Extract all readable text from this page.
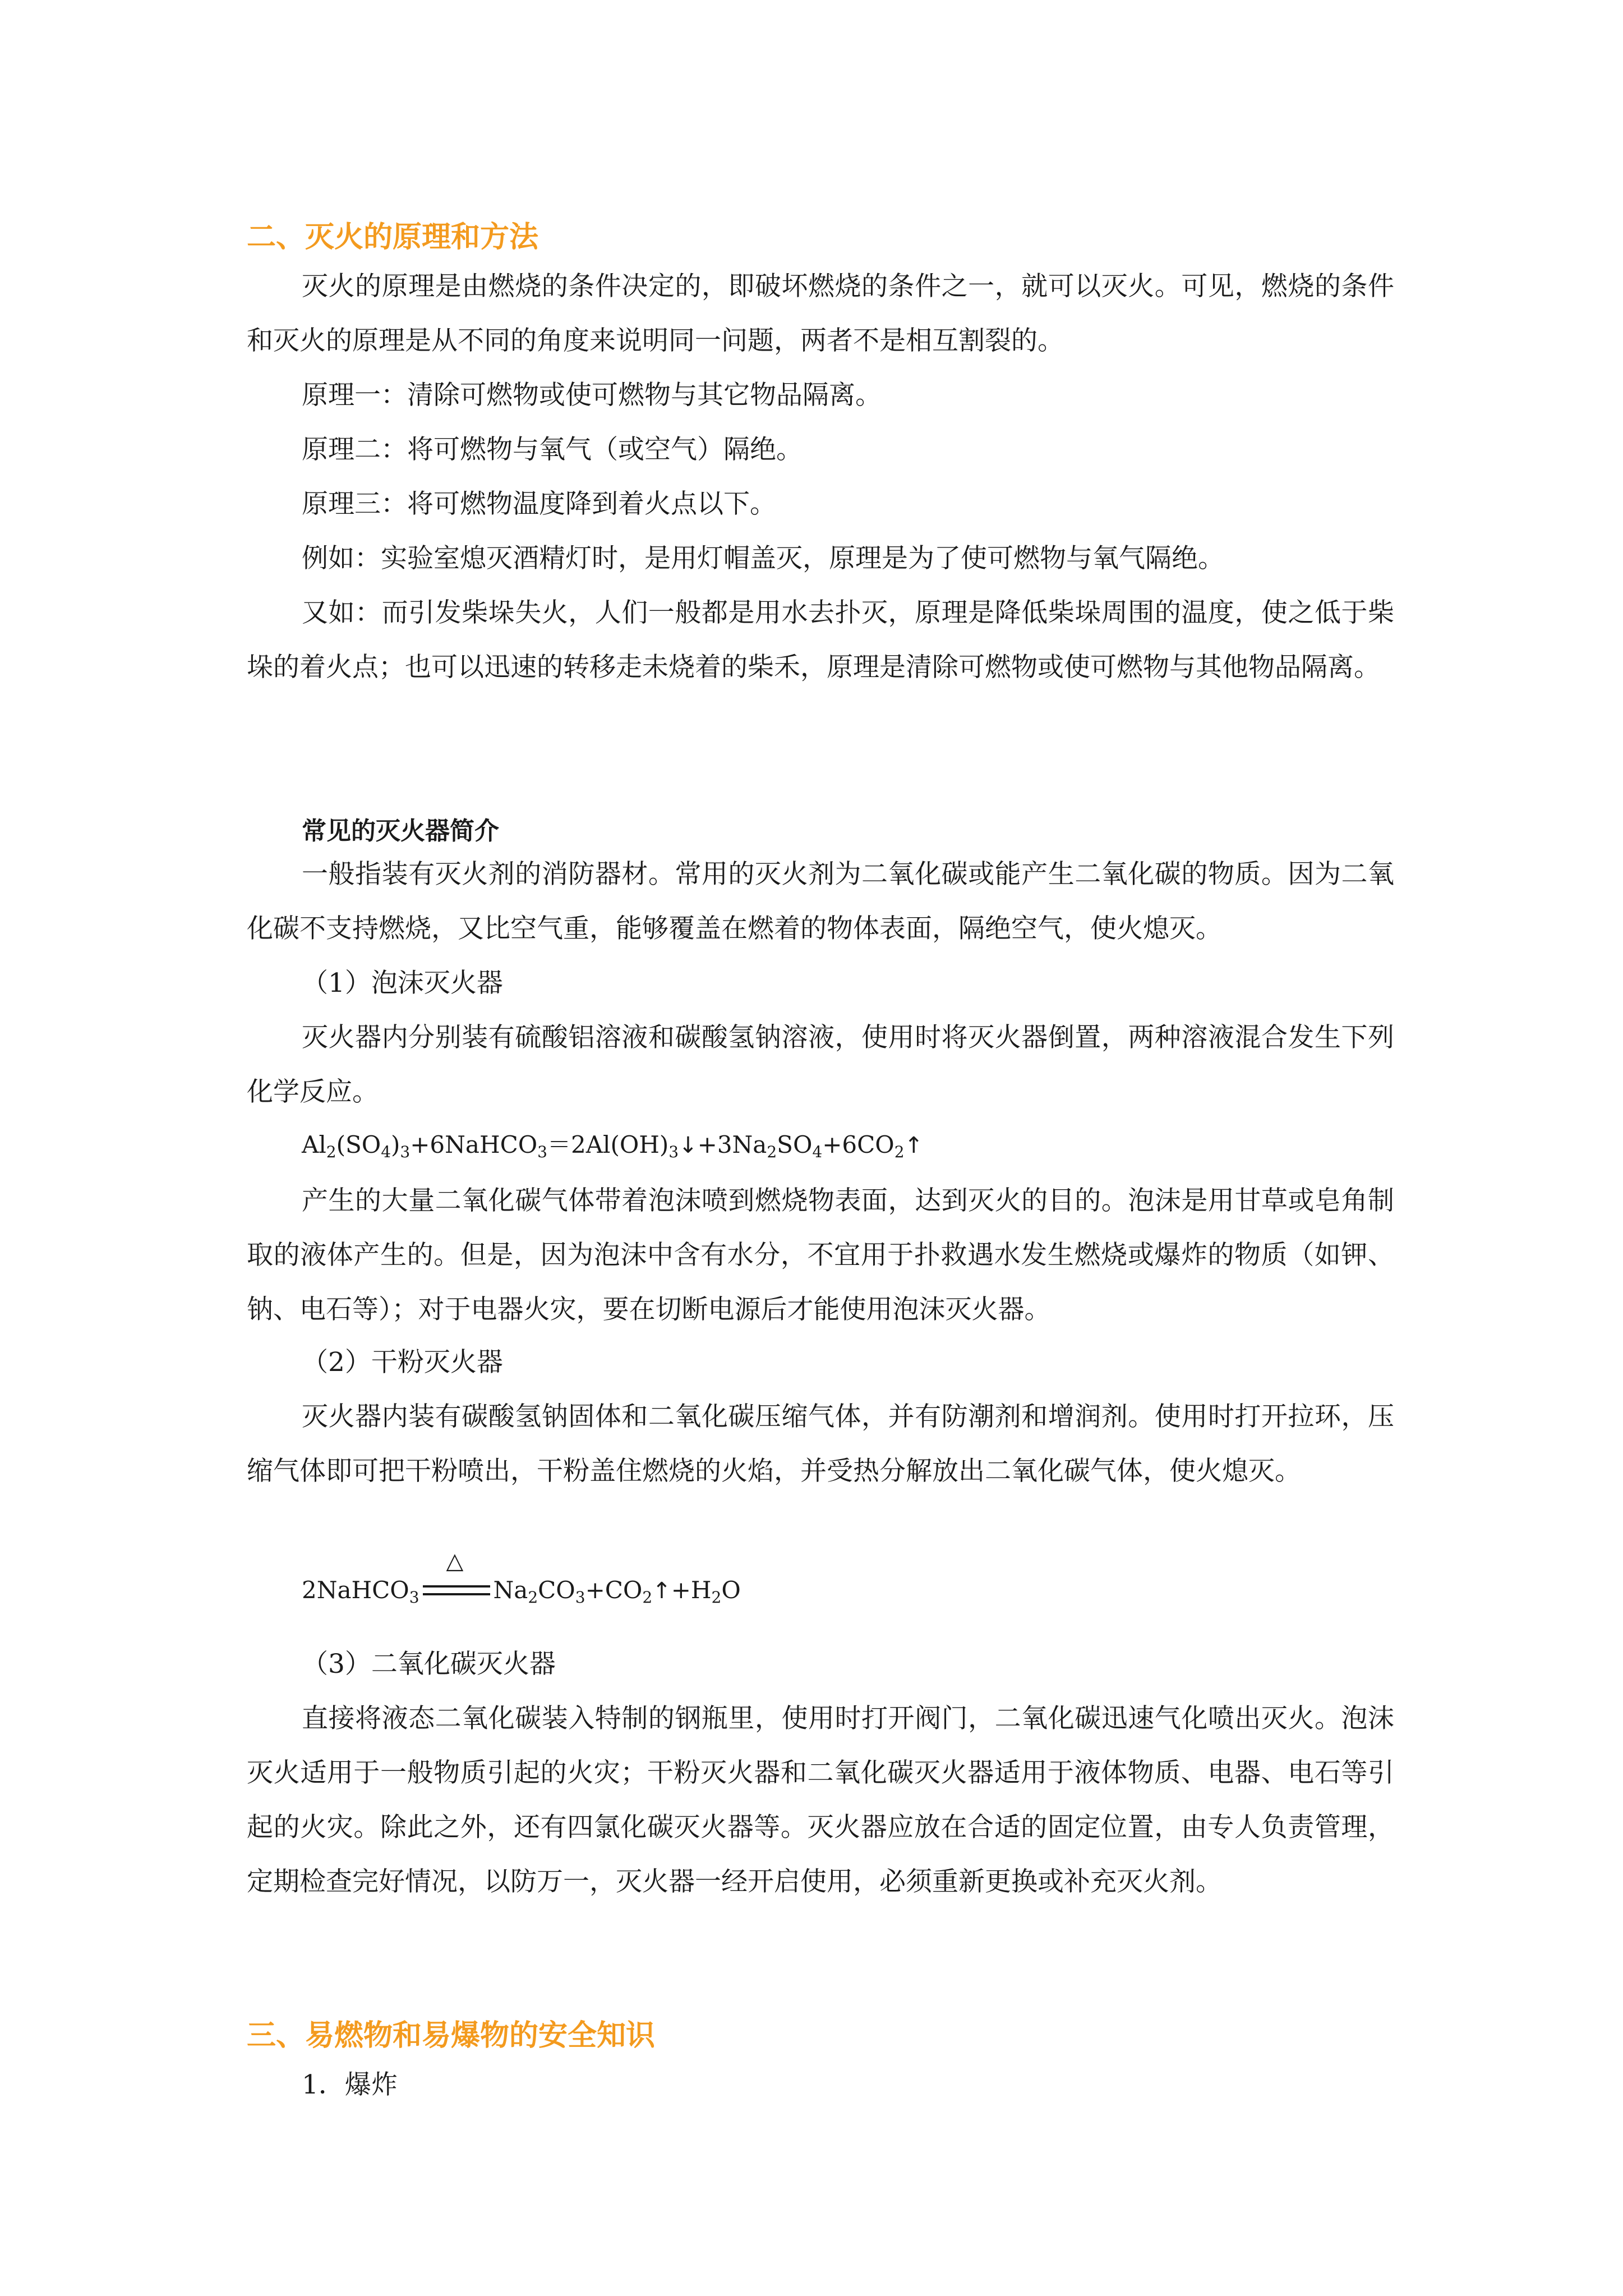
二、灭火的原理和方法

灭火的原理是由燃烧的条件决定的，即破坏燃烧的条件之一，就可以灭火。可见，燃烧的条件和灭火的原理是从不同的角度来说明同一问题，两者不是相互割裂的。

原理一：清除可燃物或使可燃物与其它物品隔离。

原理二：将可燃物与氧气（或空气）隔绝。

原理三：将可燃物温度降到着火点以下。

例如：实验室熄灭酒精灯时，是用灯帽盖灭，原理是为了使可燃物与氧气隔绝。

又如：而引发柴垛失火，人们一般都是用水去扑灭，原理是降低柴垛周围的温度，使之低于柴垛的着火点；也可以迅速的转移走未烧着的柴禾，原理是清除可燃物或使可燃物与其他物品隔离。

常见的灭火器简介

一般指装有灭火剂的消防器材。常用的灭火剂为二氧化碳或能产生二氧化碳的物质。因为二氧化碳不支持燃烧，又比空气重，能够覆盖在燃着的物体表面，隔绝空气，使火熄灭。

（1）泡沫灭火器

灭火器内分别装有硫酸铝溶液和碳酸氢钠溶液，使用时将灭火器倒置，两种溶液混合发生下列化学反应。

$Al_2(SO_4)_3+6NaHCO_3=2Al(OH)_3↓+3Na_2SO_4+6CO_2↑$

产生的大量二氧化碳气体带着泡沫喷到燃烧物表面，达到灭火的目的。泡沫是用甘草或皂角制取的液体产生的。但是，因为泡沫中含有水分，不宜用于扑救遇水发生燃烧或爆炸的物质（如钾、钠、电石等）；对于电器火灾，要在切断电源后才能使用泡沫灭火器。

（2）干粉灭火器

灭火器内装有碳酸氢钠固体和二氧化碳压缩气体，并有防潮剂和增润剂。使用时打开拉环，压缩气体即可把干粉喷出，干粉盖住燃烧的火焰，并受热分解放出二氧化碳气体，使火熄灭。

2NaHCO$_3$
△
$Na_2CO_3+CO_2↑+H_2O$

（3）二氧化碳灭火器

直接将液态二氧化碳装入特制的钢瓶里，使用时打开阀门，二氧化碳迅速气化喷出灭火。泡沫灭火适用于一般物质引起的火灾；干粉灭火器和二氧化碳灭火器适用于液体物质、电器、电石等引起的火灾。除此之外，还有四氯化碳灭火器等。灭火器应放在合适的固定位置，由专人负责管理，定期检查完好情况，以防万一，灭火器一经开启使用，必须重新更换或补充灭火剂。

三、易燃物和易爆物的安全知识

1．爆炸
